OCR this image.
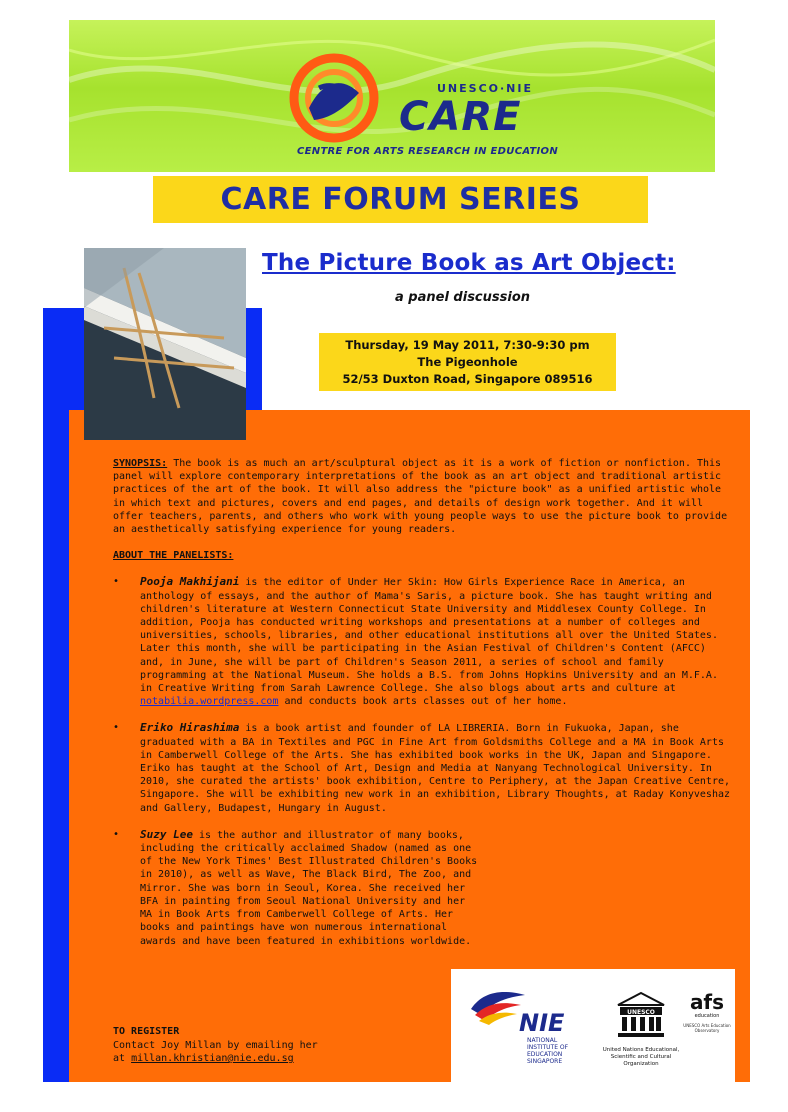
UNESCO·NIE
CARE
CENTRE FOR ARTS RESEARCH IN EDUCATION
CARE FORUM SERIES
The Picture Book as Art Object:
a panel discussion
Thursday, 19 May 2011, 7:30-9:30 pm
The Pigeonhole
52/53 Duxton Road, Singapore 089516

SYNOPSIS: The book is as much an art/sculptural object as it is a work of fiction or nonfiction. This panel will explore contemporary interpretations of the book as an art object and traditional artistic practices of the art of the book. It will also address the "picture book" as a unified artistic whole in which text and pictures, covers and end pages, and details of design work together. And it will offer teachers, parents, and others who work with young people ways to use the picture book to provide an aesthetically satisfying experience for young readers.

ABOUT THE PANELISTS:

• Pooja Makhijani is the editor of Under Her Skin: How Girls Experience Race in America, an anthology of essays, and the author of Mama's Saris, a picture book. She has taught writing and children's literature at Western Connecticut State University and Middlesex County College. In addition, Pooja has conducted writing workshops and presentations at a number of colleges and universities, schools, libraries, and other educational institutions all over the United States. Later this month, she will be participating in the Asian Festival of Children's Content (AFCC) and, in June, she will be part of Children's Season 2011, a series of school and family programming at the National Museum. She holds a B.S. from Johns Hopkins University and an M.F.A. in Creative Writing from Sarah Lawrence College. She also blogs about arts and culture at notabilia.wordpress.com and conducts book arts classes out of her home.
• Eriko Hirashima is a book artist and founder of LA LIBRERIA. Born in Fukuoka, Japan, she graduated with a BA in Textiles and PGC in Fine Art from Goldsmiths College and a MA in Book Arts in Camberwell College of the Arts. She has exhibited book works in the UK, Japan and Singapore. Eriko has taught at the School of Art, Design and Media at Nanyang Technological University. In 2010, she curated the artists' book exhibition, Centre to Periphery, at the Japan Creative Centre, Singapore. She will be exhibiting new work in an exhibition, Library Thoughts, at Raday Konyveshaz and Gallery, Budapest, Hungary in August.
• Suzy Lee is the author and illustrator of many books, including the critically acclaimed Shadow (named as one of the New York Times' Best Illustrated Children's Books in 2010), as well as Wave, The Black Bird, The Zoo, and Mirror. She was born in Seoul, Korea. She received her BFA in painting from Seoul National University and her MA in Book Arts from Camberwell College of Arts. Her books and paintings have won numerous international awards and have been featured in exhibitions worldwide.
TO REGISTER
Contact Joy Millan by emailing her
at millan.khristian@nie.edu.sg
NIE
NATIONAL INSTITUTE OF EDUCATION SINGAPORE
UNESCO
United Nations Educational, Scientific and Cultural Organization
afs
education
UNESCO Arts Education Observatory
